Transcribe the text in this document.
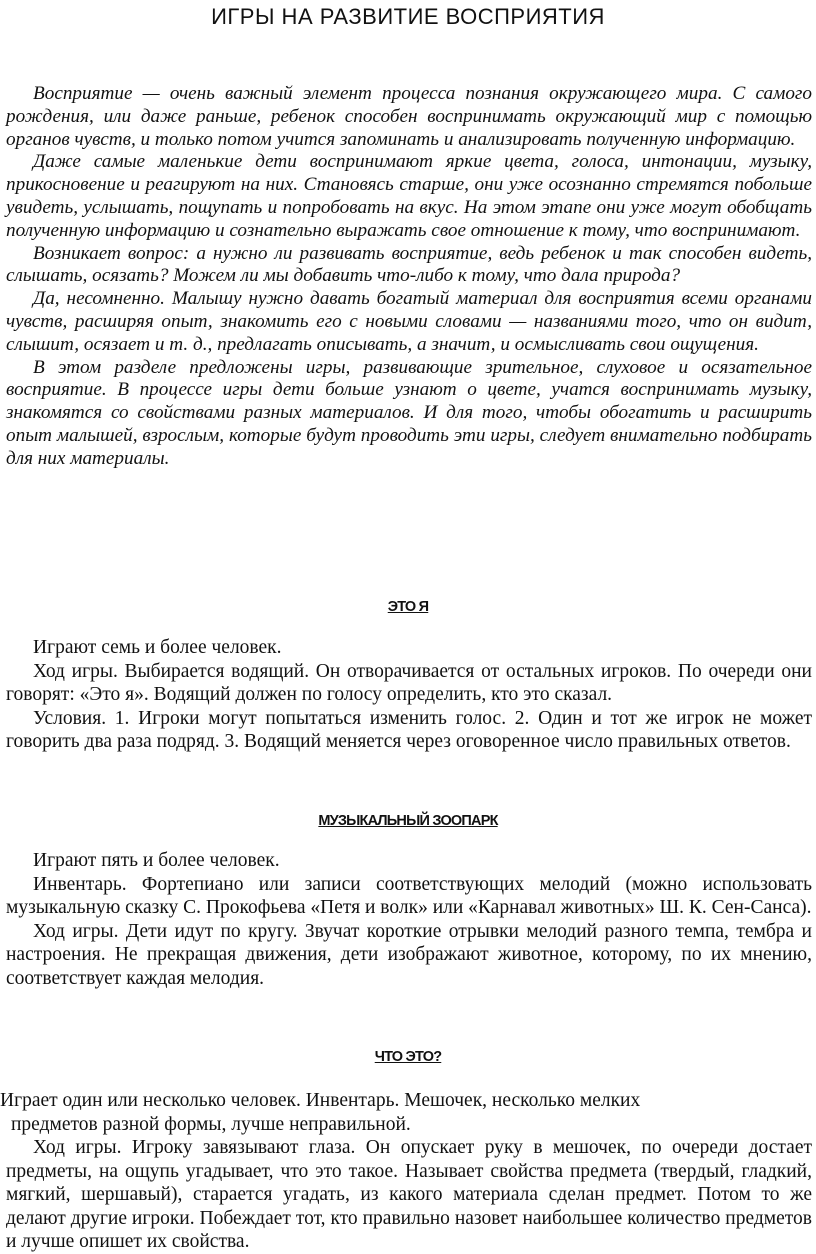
ИГРЫ НА РАЗВИТИЕ ВОСПРИЯТИЯ

Восприятие — очень важный элемент процесса познания окружающего мира. С самого рождения, или даже раньше, ребенок способен воспринимать окружающий мир с помощью органов чувств, и только потом учится запоминать и анализировать полученную информацию.

Даже самые маленькие дети воспринимают яркие цвета, голоса, интонации, музыку, прикосновение и реагируют на них. Становясь старше, они уже осознанно стремятся побольше увидеть, услышать, пощупать и попробовать на вкус. На этом этапе они уже могут обобщать полученную информацию и сознательно выражать свое отношение к тому, что воспринимают.

Возникает вопрос: а нужно ли развивать восприятие, ведь ребенок и так способен видеть, слышать, осязать? Можем ли мы добавить что-либо к тому, что дала природа?

Да, несомненно. Малышу нужно давать богатый материал для восприятия всеми органами чувств, расширяя опыт, знакомить его с новыми словами — названиями того, что он видит, слышит, осязает и т. д., предлагать описывать, а значит, и осмысливать свои ощущения.

В этом разделе предложены игры, развивающие зрительное, слуховое и осязательное восприятие. В процессе игры дети больше узнают о цвете, учатся воспринимать музыку, знакомятся со свойствами разных материалов. И для того, чтобы обогатить и расширить опыт малышей, взрослым, которые будут проводить эти игры, следует внимательно подбирать для них материалы.

ЭТО Я

Играют семь и более человек.

Ход игры. Выбирается водящий. Он отворачивается от остальных игроков. По очереди они говорят: «Это я». Водящий должен по голосу определить, кто это сказал.

Условия. 1. Игроки могут попытаться изменить голос. 2. Один и тот же игрок не может говорить два раза подряд. 3. Водящий меняется через оговоренное число правильных ответов.

МУЗЫКАЛЬНЫЙ ЗООПАРК

Играют пять и более человек.

Инвентарь. Фортепиано или записи соответствующих мелодий (можно использовать музыкальную сказку С. Прокофьева «Петя и волк» или «Карнавал животных» Ш. К. Сен-Санса).

Ход игры. Дети идут по кругу. Звучат короткие отрывки мелодий разного темпа, тембра и настроения. Не прекращая движения, дети изображают животное, которому, по их мнению, соответствует каждая мелодия.

ЧТО ЭТО?

Играет один или несколько человек. Инвентарь. Мешочек, несколько мелких
предметов разной формы, лучше неправильной.

Ход игры. Игроку завязывают глаза. Он опускает руку в мешочек, по очереди достает предметы, на ощупь угадывает, что это такое. Называет свойства предмета (твердый, гладкий, мягкий, шершавый), старается угадать, из какого материала сделан предмет. Потом то же делают другие игроки. Побеждает тот, кто правильно назовет наибольшее количество предметов и лучше опишет их свойства.
